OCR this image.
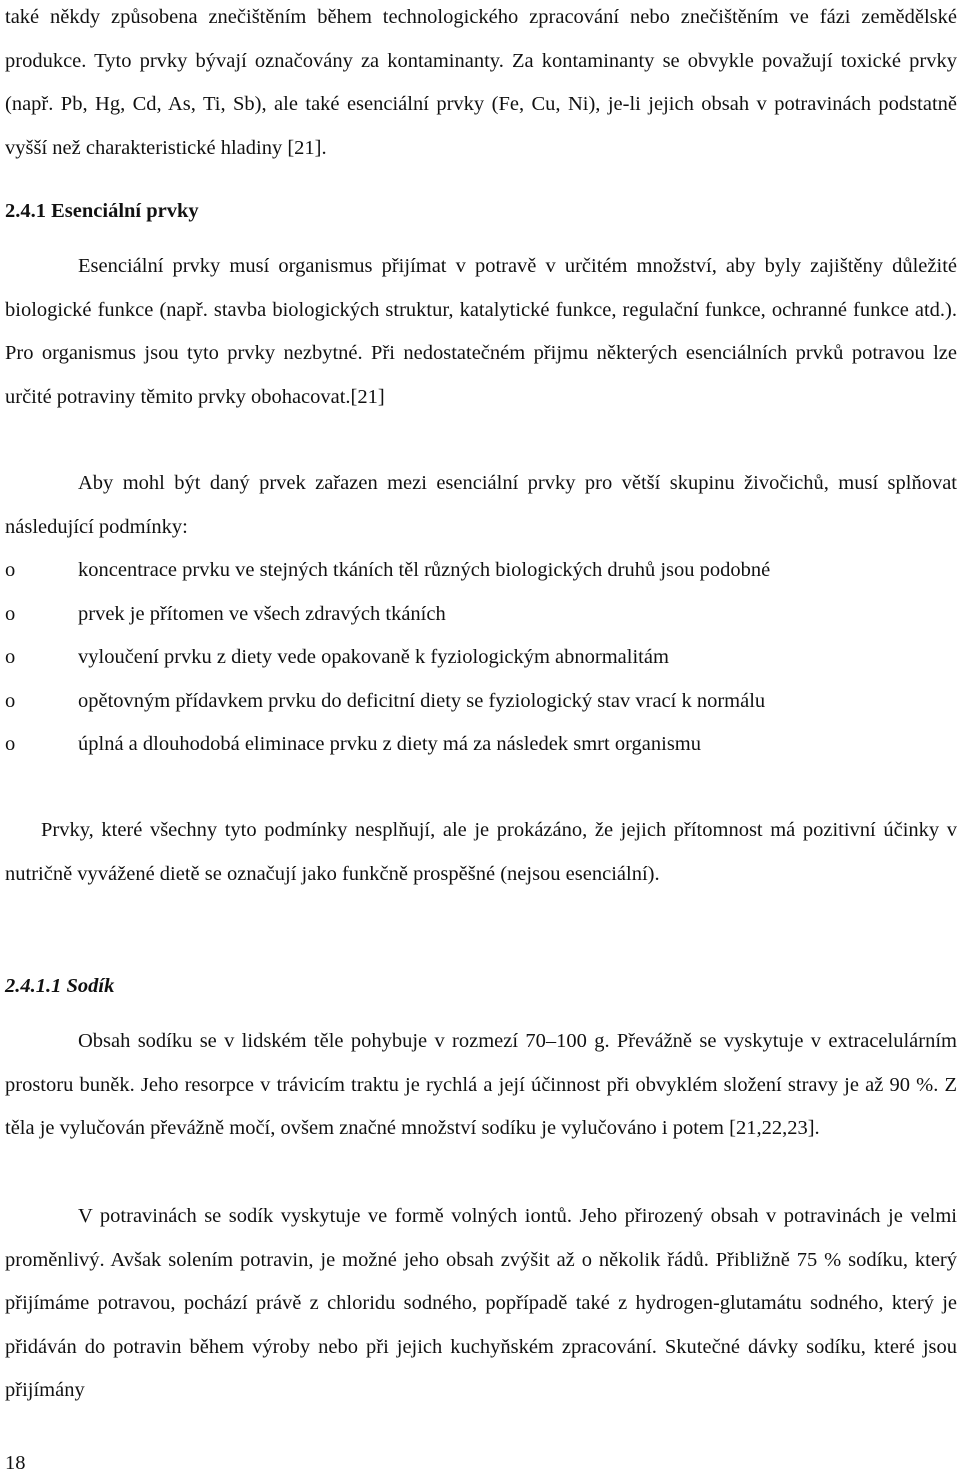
také někdy způsobena znečištěním během technologického zpracování nebo znečištěním ve fázi zemědělské produkce. Tyto prvky bývají označovány za kontaminanty. Za kontaminanty se obvykle považují toxické prvky (např. Pb, Hg, Cd, As, Ti, Sb), ale také esenciální prvky (Fe, Cu, Ni), je-li jejich obsah v potravinách podstatně vyšší než charakteristické hladiny [21].

2.4.1 Esenciální prvky

Esenciální prvky musí organismus přijímat v potravě v určitém množství, aby byly zajištěny důležité biologické funkce (např. stavba biologických struktur, katalytické funkce, regulační funkce, ochranné funkce atd.). Pro organismus jsou tyto prvky nezbytné. Při nedostatečném přijmu některých esenciálních prvků potravou lze určité potraviny těmito prvky obohacovat.[21]

Aby mohl být daný prvek zařazen mezi esenciální prvky pro větší skupinu živočichů, musí splňovat následující podmínky:

o	koncentrace prvku ve stejných tkáních těl různých biologických druhů jsou podobné
o	prvek je přítomen ve všech zdravých tkáních
o	vyloučení prvku z diety vede opakovaně k fyziologickým abnormalitám
o	opětovným přídavkem prvku do deficitní diety se fyziologický stav vrací k normálu
o	úplná a dlouhodobá eliminace prvku z diety má za následek smrt organismu

Prvky, které všechny tyto podmínky nesplňují, ale je prokázáno, že jejich přítomnost má pozitivní účinky v nutričně vyvážené dietě se označují jako funkčně prospěšné (nejsou esenciální).

2.4.1.1 Sodík

Obsah sodíku se v lidském těle pohybuje v rozmezí 70–100 g. Převážně se vyskytuje v extracelulárním prostoru buněk. Jeho resorpce v trávicím traktu je rychlá a její účinnost při obvyklém složení stravy je až 90 %. Z těla je vylučován převážně močí, ovšem značné množství sodíku je vylučováno i potem [21,22,23].

V potravinách se sodík vyskytuje ve formě volných iontů. Jeho přirozený obsah v potravinách je velmi proměnlivý. Avšak solením potravin, je možné jeho obsah zvýšit až o několik řádů. Přibližně 75 % sodíku, který přijímáme potravou, pochází právě z chloridu sodného, popřípadě také z hydrogen-glutamátu sodného, který je přidáván do potravin během výroby nebo při jejich kuchyňském zpracování. Skutečné dávky sodíku, které jsou přijímány

18
